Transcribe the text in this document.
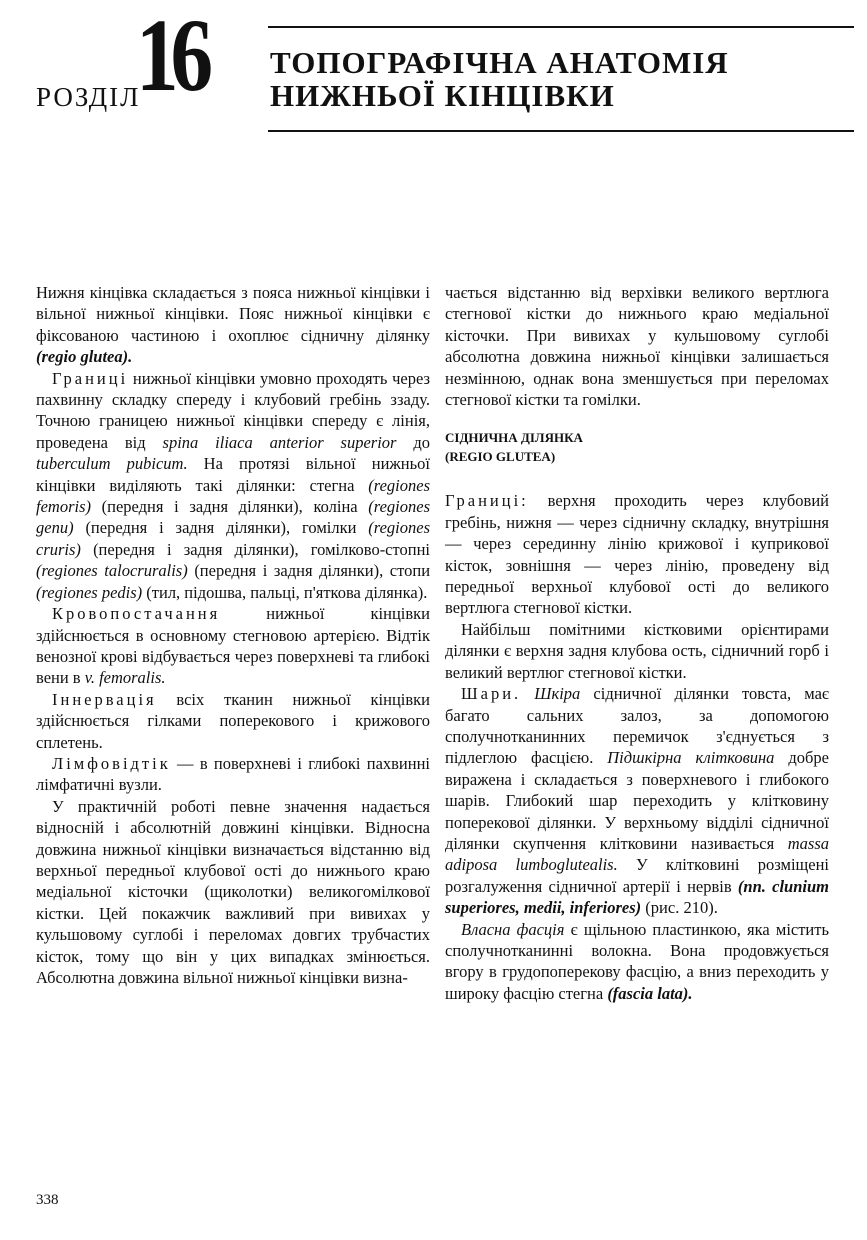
РОЗДІЛ
16 ТОПОГРАФІЧНА АНАТОМІЯ
НИЖНЬОЇ КІНЦІВКИ

Нижня кінцівка складається з пояса нижньої кінцівки і вільної нижньої кінцівки. Пояс нижньої кінцівки є фіксованою частиною і охоплює сідничну ділянку (regio glutea).

Границі нижньої кінцівки умовно проходять через пахвинну складку спереду і клубовий гребінь ззаду. Точною границею нижньої кінцівки спереду є лінія, проведена від spina iliaca anterior superior до tuberculum pubicum. На протязі вільної нижньої кінцівки виділяють такі ділянки: стегна (regiones femoris) (передня і задня ділянки), коліна (regiones genu) (передня і задня ділянки), гомілки (regiones cruris) (передня і задня ділянки), гомілково-стопні (regiones talocruralis) (передня і задня ділянки), стопи (regiones pedis) (тил, підошва, пальці, п'яткова ділянка).

Кровопостачання	нижньої кінцівки здійснюється в основному стегновою артерією. Відтік венозної крові відбувається через поверхневі та глибокі вени в v. femoralis.

Іннервація всіх тканин нижньої кінцівки здійснюється гілками поперекового і крижового сплетень.

Лімфовідтік — в поверхневі і глибокі пахвинні лімфатичні вузли.

У практичній роботі певне значення надається відносній і абсолютній довжині кінцівки. Відносна довжина нижньої кінцівки визначається відстанню від верхньої передньої клубової ості до нижнього краю медіальної кісточки (щиколотки) великогомілкової кістки. Цей покажчик важливий при вивихах у кульшовому суглобі і переломах довгих трубчастих кісток, тому що він у цих випадках змінюється. Абсолютна довжина вільної нижньої кінцівки визна-

чається відстанню від верхівки великого вертлюга стегнової кістки до нижнього краю медіальної кісточки. При вивихах у кульшовому суглобі абсолютна довжина нижньої кінцівки залишається незмінною, однак вона зменшується при переломах стегнової кістки та гомілки.

СІДНИЧНА ДІЛЯНКА
(REGIO GLUTEA)

Границі: верхня проходить через клубовий гребінь, нижня — через сідничну складку, внутрішня — через серединну лінію крижової і куприкової кісток, зовнішня — через лінію, проведену від передньої верхньої клубової ості до великого вертлюга стегнової кістки.

Найбільш помітними кістковими орієнтирами ділянки є верхня задня клубова ость, сідничний горб і великий вертлюг стегнової кістки.

Шари. Шкіра сідничної ділянки товста, має багато сальних залоз, за допомогою сполучнотканинних перемичок з'єднується з підлеглою фасцією. Підшкірна клітковина добре виражена і складається з поверхневого і глибокого шарів. Глибокий шар переходить у клітковину поперекової ділянки. У верхньому відділі сідничної ділянки скупчення клітковини називається massa adiposa lumboglutealis. У клітковині розміщені розгалуження сідничної артерії і нервів (nn. clunium superiores, medii, inferiores) (рис. 210).

Власна фасція є щільною пластинкою, яка містить сполучнотканинні волокна. Вона продовжується вгору в грудопоперекову фасцію, а вниз переходить у широку фасцію стегна (fascia lata).

338
